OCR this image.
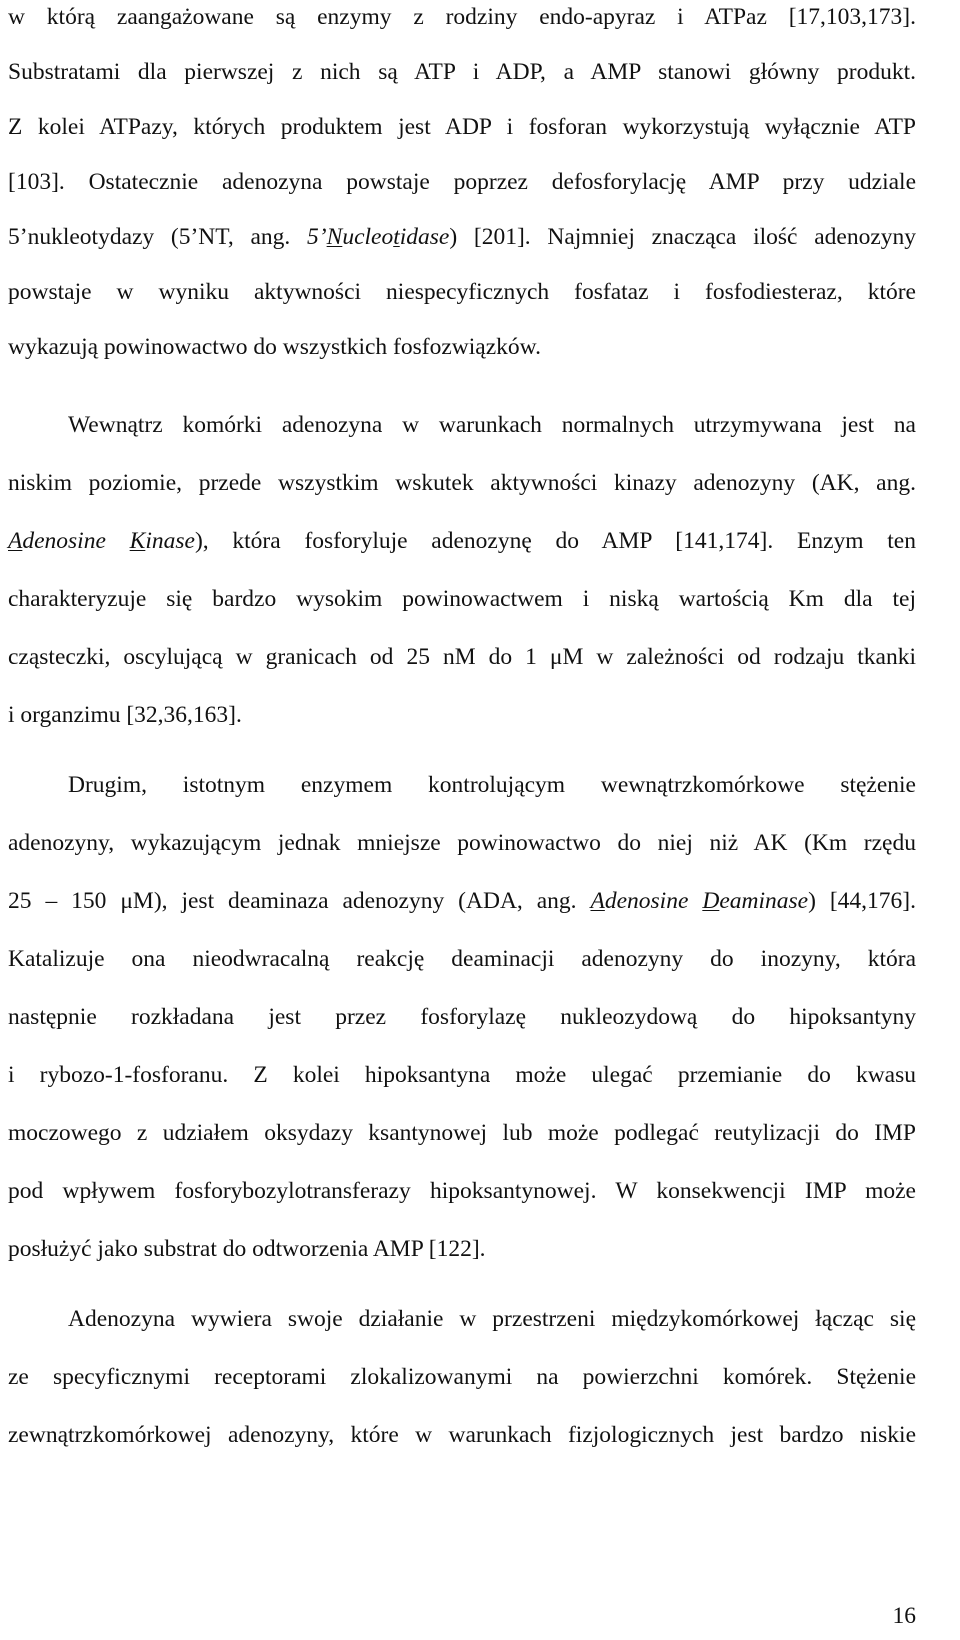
w którą zaangażowane są enzymy z rodziny endo-apyraz i ATPaz [17,103,173].
Substratami dla pierwszej z nich są ATP i ADP, a AMP stanowi główny produkt.
Z kolei ATPazy, których produktem jest ADP i fosforan wykorzystują wyłącznie ATP
[103]. Ostatecznie adenozyna powstaje poprzez defosforylację AMP przy udziale
5’nukleotydazy (5’NT, ang. 5’Nucleotidase) [201]. Najmniej znacząca ilość adenozyny
powstaje w wyniku aktywności niespecyficznych fosfataz i fosfodiesteraz, które
wykazują powinowactwo do wszystkich fosfozwiązków.
Wewnątrz komórki adenozyna w warunkach normalnych utrzymywana jest na
niskim poziomie, przede wszystkim wskutek aktywności kinazy adenozyny (AK, ang.
Adenosine Kinase), która fosforyluje adenozynę do AMP [141,174]. Enzym ten
charakteryzuje się bardzo wysokim powinowactwem i niską wartością Km dla tej
cząsteczki, oscylującą w granicach od 25 nM do 1 μM w zależności od rodzaju tkanki
i organzimu [32,36,163].
Drugim, istotnym enzymem kontrolującym wewnątrzkomórkowe stężenie
adenozyny, wykazującym jednak mniejsze powinowactwo do niej niż AK (Km rzędu
25 – 150 μM), jest deaminaza adenozyny (ADA, ang. Adenosine Deaminase) [44,176].
Katalizuje ona nieodwracalną reakcję deaminacji adenozyny do inozyny, która
następnie rozkładana jest przez fosforylazę nukleozydową do hipoksantyny
i rybozo-1-fosforanu. Z kolei hipoksantyna może ulegać przemianie do kwasu
moczowego z udziałem oksydazy ksantynowej lub może podlegać reutylizacji do IMP
pod wpływem fosforybozylotransferazy hipoksantynowej. W konsekwencji IMP może
posłużyć jako substrat do odtworzenia AMP [122].
Adenozyna wywiera swoje działanie w przestrzeni międzykomórkowej łącząc się
ze specyficznymi receptorami zlokalizowanymi na powierzchni komórek. Stężenie
zewnątrzkomórkowej adenozyny, które w warunkach fizjologicznych jest bardzo niskie
16
